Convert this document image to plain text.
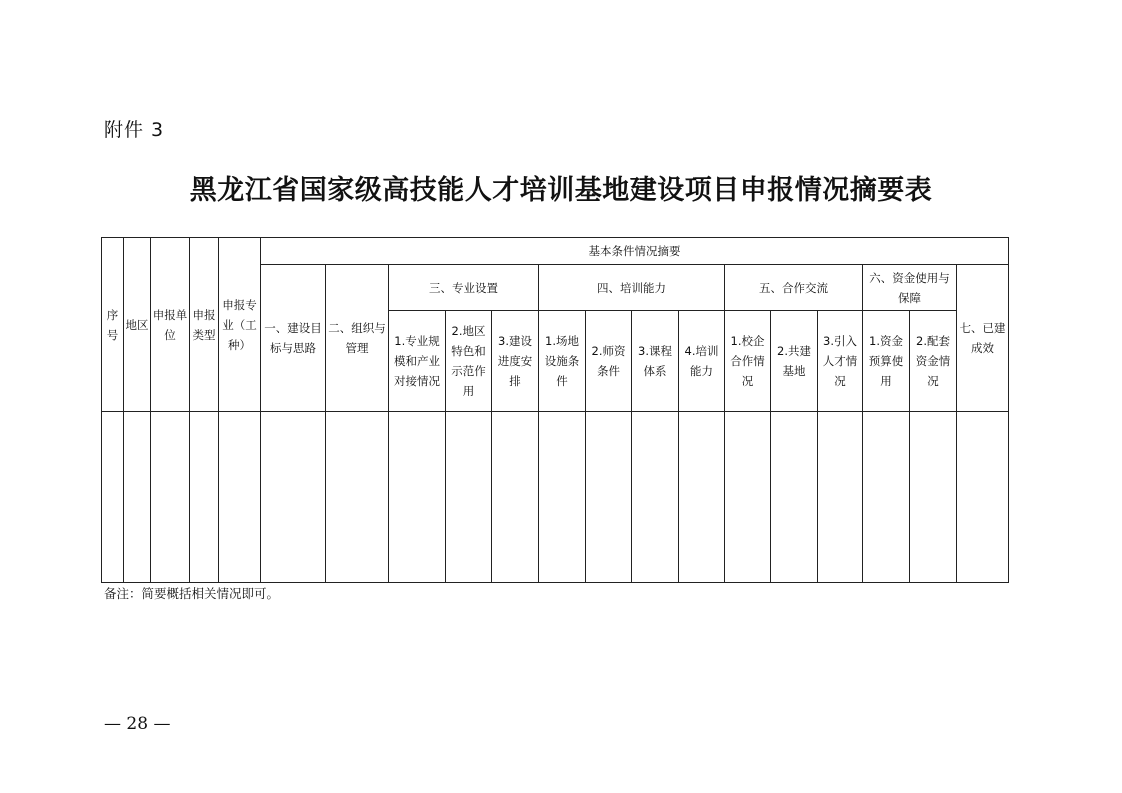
附件 3
黑龙江省国家级高技能人才培训基地建设项目申报情况摘要表
序号	地区	申报单位	申报类型	申报专业（工种）	基本条件情况摘要														
					一、建设目标与思路	二、组织与管理	三、专业设置			四、培训能力				五、合作交流			六、资金使用与保障		七、已建成效
							1.专业规模和产业对接情况	2.地区特色和示范作用	3.建设进度安排	1.场地设施条件	2.师资条件	3.课程体系	4.培训能力	1.校企合作情况	2.共建基地	3.引入人才情况	1.资金预算使用	2.配套资金情况	

备注：简要概括相关情况即可。
— 28 —
